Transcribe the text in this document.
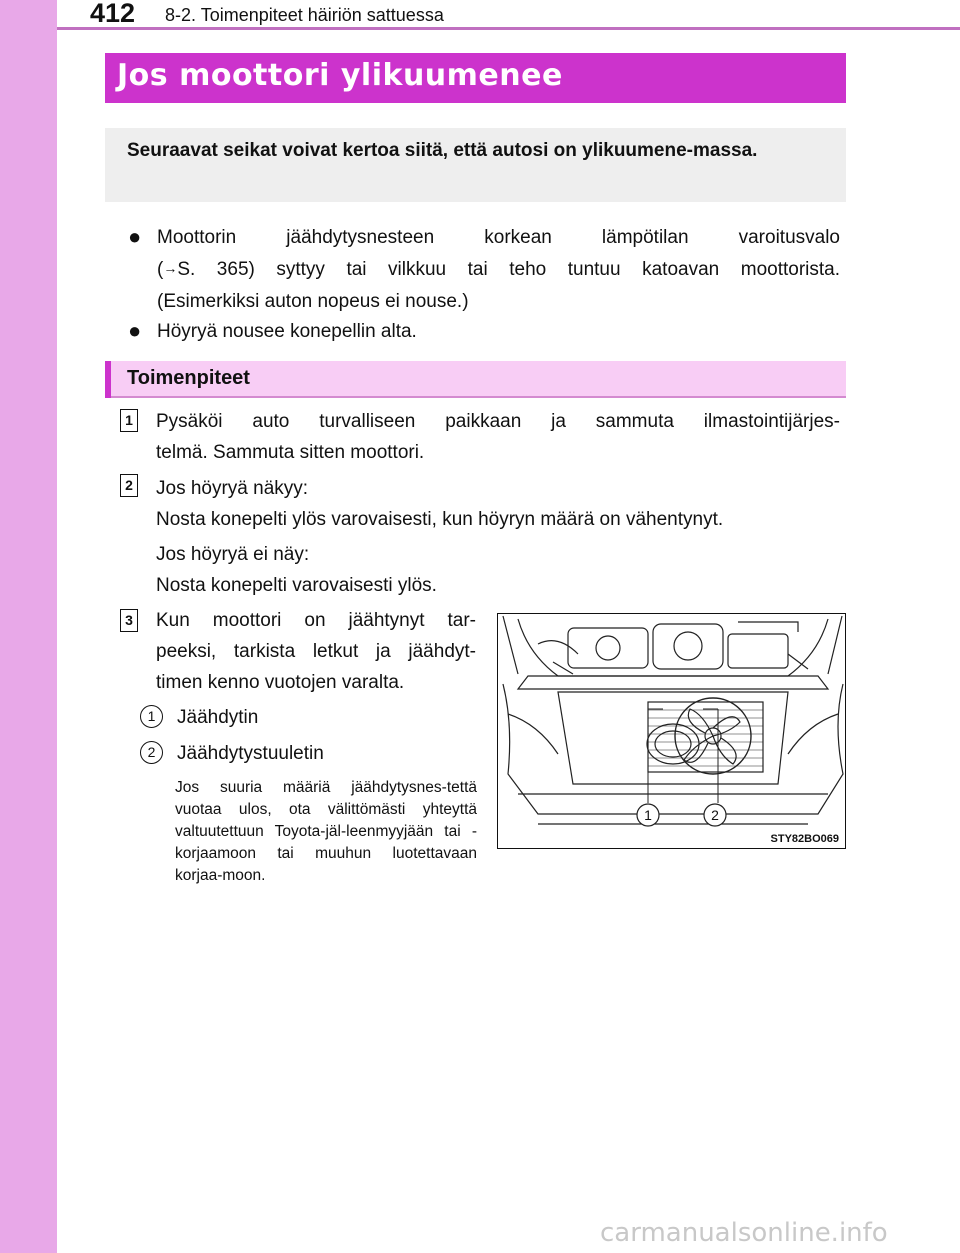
412 8-2. Toimenpiteet häiriön sattuessa
Jos moottori ylikuumenee
Seuraavat seikat voivat kertoa siitä, että autosi on ylikuumene-massa.
● Moottorin jäähdytysnesteen korkean lämpötilan varoitusvalo
(→S. 365) syttyy tai vilkkuu tai teho tuntuu katoavan moottorista.
(Esimerkiksi auton nopeus ei nouse.)
● Höyryä nousee konepellin alta.
Toimenpiteet
1 Pysäköi auto turvalliseen paikkaan ja sammuta ilmastointijärjes-
telmä. Sammuta sitten moottori.
2 Jos höyryä näkyy:
Nosta konepelti ylös varovaisesti, kun höyryn määrä on vähentynyt.
Jos höyryä ei näy:
Nosta konepelti varovaisesti ylös.
3 Kun moottori on jäähtynyt tar-
peeksi, tarkista letkut ja jäähdyt-
timen kenno vuotojen varalta.
1	Jäähdytin
2	Jäähdytystuuletin
Jos suuria määriä jäähdytysnes-tettä vuotaa ulos, ota välittömästi yhteyttä valtuutettuun Toyota-jäl-leenmyyjään tai -korjaamoon tai muuhun luotettavaan korjaa-moon.
1	2
STY82BO069
carmanualsonline.info
